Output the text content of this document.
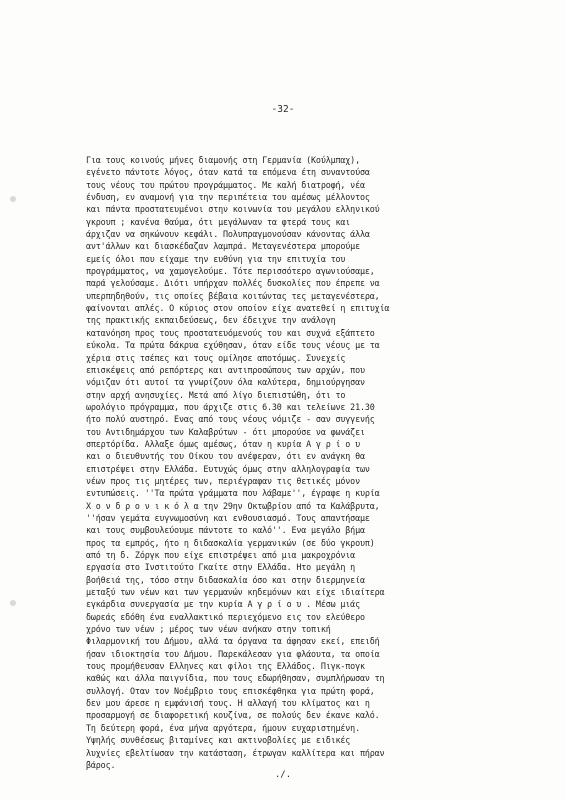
-32-
Για τους κοινούς μήνες διαμονής στη Γερμανία (Κούλμπαχ),
εγένετο πάντοτε λόγος, όταν κατά τα επόμενα έτη συναντούσα
τους νέους του πρώτου προγράμματος. Με καλή διατροφή, νέα
ένδυση, εν αναμονή για την περιπέτεια του αμέσως μέλλοντος
και πάντα προστατευμένοι στην κοινωνία του μεγάλου ελληνικού
γκρουπ ; κανένα θαύμα, ότι μεγάλωναν τα φτερά τους και
άρχιζαν να σηκώνουν κεφάλι. Πολυπραγμονούσαν κάνοντας άλλα
αντ'άλλων και διασκέδαζαν λαμπρά. Μεταγενέστερα μπορούμε
εμείς όλοι που είχαμε την ευθύνη για την επιτυχία του
προγράμματος, να χαμογελούμε. Τότε περισσότερο αγωνιούσαμε,
παρά γελούσαμε. Διότι υπήρχαν πολλές δυσκολίες που έπρεπε να
υπερπηδηθούν, τις οποίες βέβαια κοιτώντας τες μεταγενέστερα,
φαίνονται απλές. Ο κύριος στον οποίον είχε ανατεθεί η επιτυχία
της πρακτικής εκπαιδεύσεως, δεν έδειχνε την ανάλογη
κατανόηση προς τους προστατευόμενούς του και συχνά εξάπτετο
εύκολα. Τα πρώτα δάκρυα εχύθησαν, όταν είδε τους νέους με τα
χέρια στις τσέπες και τους ομίλησε αποτόμως. Συνεχείς
επισκέψεις από ρεπόρτερς και αντιπροσώπους των αρχών, που
νόμιζαν ότι αυτοί τα γνωρίζουν όλα καλύτερα, δημιούργησαν
στην αρχή ανησυχίες. Μετά από λίγο διεπιστώθη, ότι το
ωρολόγιο πρόγραμμα, που άρχιζε στις 6.30 και τελείωνε 21.30
ήτο πολύ αυστηρό. Ενας από τους νέους νόμιζε - σαν συγγενής
του Αντιδημάρχου των Καλαβρύτων - ότι μπορούσε να φωνάζει
σπερτόρίδα. Αλλαξε όμως αμέσως, όταν η κυρία Α γ ρ ί ο υ
και ο διευθυντής του Οίκου του ανέφεραν, ότι εν ανάγκη θα
επιστρέψει στην Ελλάδα. Ευτυχώς όμως στην αλληλογραφία των
νέων προς τις μητέρες των, περιέγραφαν τις θετικές μόνον
εντυπώσεις. ''Τα πρώτα γράμματα που λάβαμε'', έγραφε η κυρία
Χ ο ν δ ρ ο ν ι κ ό λ α την 29ην Οκτωβρίου από τα Καλάβρυτα,
''ήσαν γεμάτα ευγνωμοσύνη και ενθουσιασμό. Τους απαντήσαμε
και τους συμβουλεύουμε πάντοτε το καλό''. Ενα μεγάλο βήμα
προς τα εμπρός, ήτο η διδασκαλία γερμανικών (σε δύο γκρουπ)
από τη δ. Ζόργκ που είχε επιστρέψει από μια μακροχρόνια
εργασία στο Ινστιτούτο Γκαίτε στην Ελλάδα. Ητο μεγάλη η
βοήθειά της, τόσο στην διδασκαλία όσο και στην διερμηνεία
μεταξύ των νέων και των γερμανών κηδεμόνων και είχε ιδιαίτερα
εγκάρδια συνεργασία με την κυρία Α γ ρ ί ο υ . Μέσω μιάς
δωρεάς εδόθη ένα εναλλακτικό περιεχόμενο εις τον ελεύθερο
χρόνο των νέων ; μέρος των νέων ανήκαν στην τοπική
Φιλαρμονική του Δήμου, αλλά τα όργανα τα άφησαν εκεί, επειδή
ήσαν ιδιοκτησία του Δήμου. Παρεκάλεσαν για φλάουτα, τα οποία
τους προμήθευσαν Ελληνες και φίλοι της Ελλάδος. Πιγκ-πογκ
καθώς και άλλα παιγνίδια, που τους εδωρήθησαν, συμπλήρωσαν τη
συλλογή. Οταν τον Νοέμβριο τους επισκέφθηκα για πρώτη φορά,
δεν μου άρεσε η εμφάνισή τους. Η αλλαγή του κλίματος και η
προσαρμογή σε διαφορετική κουζίνα, σε πολούς δεν έκανε καλό.
Τη δεύτερη φορά, ένα μήνα αργότερα, ήμουν ευχαριστημένη.
Υψηλής συνθέσεως βιταμίνες και ακτινοβολίες με ειδικές
λυχνίες εβελτίωσαν την κατάσταση, έτρωγαν καλλίτερα και πήραν
βάρος.
./.
